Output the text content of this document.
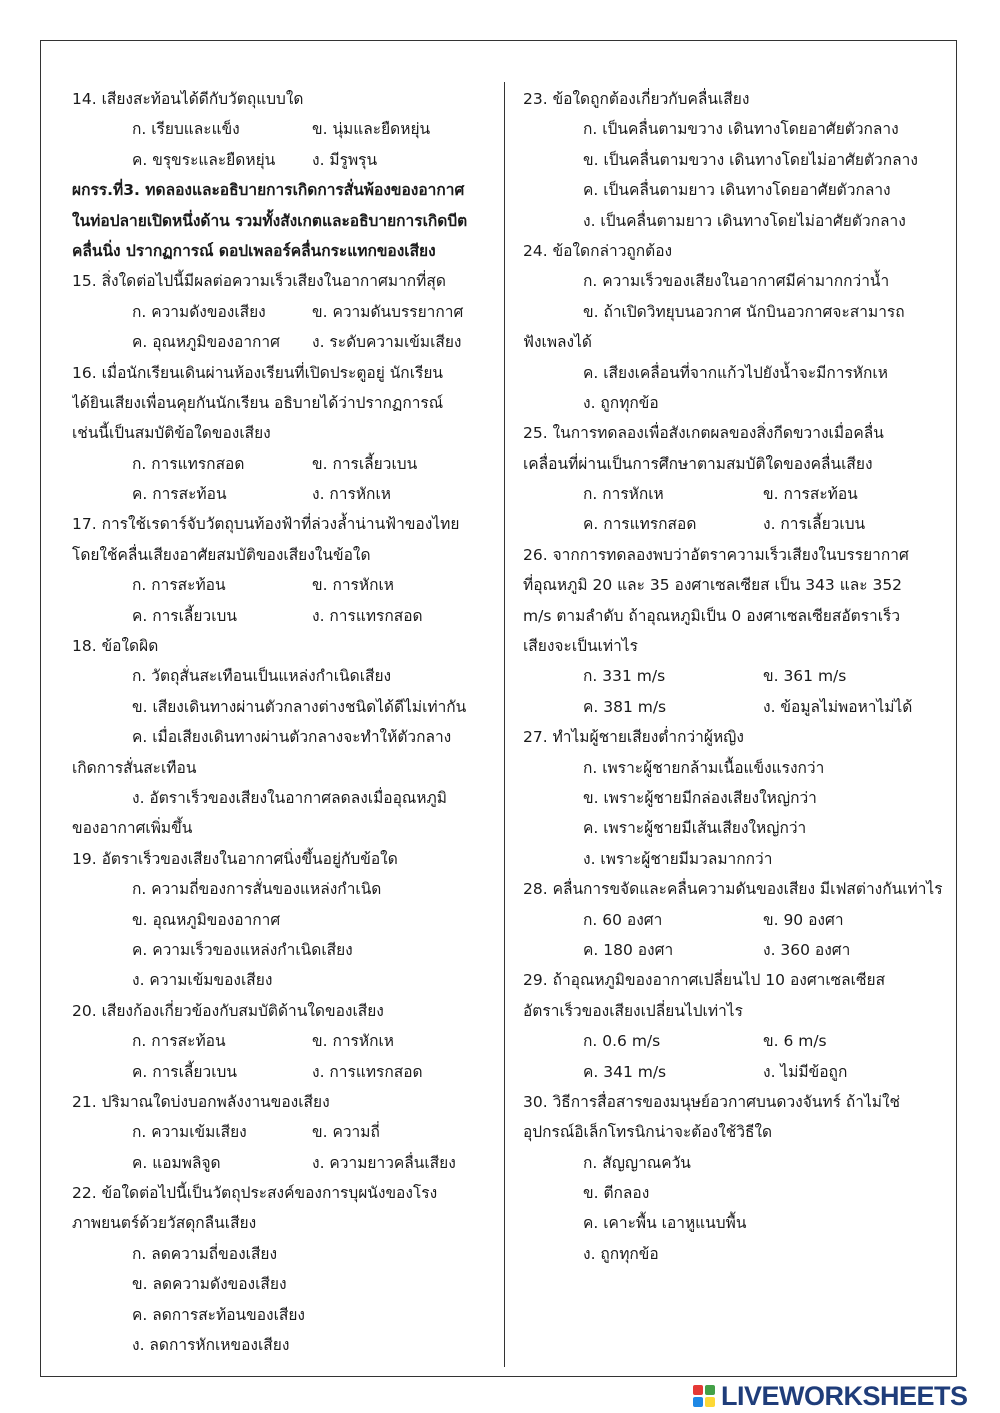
14. เสียงสะท้อนได้ดีกับวัตถุแบบใด
ก. เรียบและแข็ง	ข. นุ่มและยืดหยุ่น
ค. ขรุขระและยืดหยุ่น	ง. มีรูพรุน
ผกรร.ที่3. ทดลองและอธิบายการเกิดการสั่นพ้องของอากาศ
ในท่อปลายเปิดหนึ่งด้าน รวมทั้งสังเกตและอธิบายการเกิดบีต
คลื่นนิ่ง ปรากฏการณ์ ดอปเพลอร์คลื่นกระแทกของเสียง
15. สิ่งใดต่อไปนี้มีผลต่อความเร็วเสียงในอากาศมากที่สุด
ก. ความดังของเสียง	ข. ความดันบรรยากาศ
ค. อุณหภูมิของอากาศ	ง. ระดับความเข้มเสียง
16. เมื่อนักเรียนเดินผ่านห้องเรียนที่เปิดประตูอยู่ นักเรียน
ได้ยินเสียงเพื่อนคุยกันนักเรียน อธิบายได้ว่าปรากฏการณ์
เช่นนี้เป็นสมบัติข้อใดของเสียง
ก. การแทรกสอด	ข. การเลี้ยวเบน
ค. การสะท้อน	ง. การหักเห
17. การใช้เรดาร์จับวัตถุบนท้องฟ้าที่ล่วงล้ำน่านฟ้าของไทย
โดยใช้คลื่นเสียงอาศัยสมบัติของเสียงในข้อใด
ก. การสะท้อน	ข. การหักเห
ค. การเลี้ยวเบน	ง. การแทรกสอด
18. ข้อใดผิด
ก. วัตถุสั่นสะเทือนเป็นแหล่งกำเนิดเสียง
ข. เสียงเดินทางผ่านตัวกลางต่างชนิดได้ดีไม่เท่ากัน
ค. เมื่อเสียงเดินทางผ่านตัวกลางจะทำให้ตัวกลาง
เกิดการสั่นสะเทือน
ง. อัตราเร็วของเสียงในอากาศลดลงเมื่ออุณหภูมิ
ของอากาศเพิ่มขึ้น
19. อัตราเร็วของเสียงในอากาศนิ่งขึ้นอยู่กับข้อใด
ก. ความถี่ของการสั่นของแหล่งกำเนิด
ข. อุณหภูมิของอากาศ
ค. ความเร็วของแหล่งกำเนิดเสียง
ง. ความเข้มของเสียง
20. เสียงก้องเกี่ยวข้องกับสมบัติด้านใดของเสียง
ก. การสะท้อน	ข. การหักเห
ค. การเลี้ยวเบน	ง. การแทรกสอด
21. ปริมาณใดบ่งบอกพลังงานของเสียง
ก. ความเข้มเสียง	ข. ความถี่
ค. แอมพลิจูด	ง. ความยาวคลื่นเสียง
22. ข้อใดต่อไปนี้เป็นวัตถุประสงค์ของการบุผนังของโรง
ภาพยนตร์ด้วยวัสดุกลืนเสียง
ก. ลดความถี่ของเสียง
ข. ลดความดังของเสียง
ค. ลดการสะท้อนของเสียง
ง. ลดการหักเหของเสียง
23. ข้อใดถูกต้องเกี่ยวกับคลื่นเสียง
ก. เป็นคลื่นตามขวาง เดินทางโดยอาศัยตัวกลาง
ข. เป็นคลื่นตามขวาง เดินทางโดยไม่อาศัยตัวกลาง
ค. เป็นคลื่นตามยาว เดินทางโดยอาศัยตัวกลาง
ง. เป็นคลื่นตามยาว เดินทางโดยไม่อาศัยตัวกลาง
24. ข้อใดกล่าวถูกต้อง
ก. ความเร็วของเสียงในอากาศมีค่ามากกว่าน้ำ
ข. ถ้าเปิดวิทยุบนอวกาศ นักบินอวกาศจะสามารถ
ฟังเพลงได้
ค. เสียงเคลื่อนที่จากแก้วไปยังน้ำจะมีการหักเห
ง. ถูกทุกข้อ
25. ในการทดลองเพื่อสังเกตผลของสิ่งกีดขวางเมื่อคลื่น
เคลื่อนที่ผ่านเป็นการศึกษาตามสมบัติใดของคลื่นเสียง
ก. การหักเห	ข. การสะท้อน
ค. การแทรกสอด	ง. การเลี้ยวเบน
26. จากการทดลองพบว่าอัตราความเร็วเสียงในบรรยากาศ
ที่อุณหภูมิ 20 และ 35 องศาเซลเซียส เป็น 343 และ 352
m/s ตามลำดับ ถ้าอุณหภูมิเป็น 0 องศาเซลเซียสอัตราเร็ว
เสียงจะเป็นเท่าไร
ก. 331 m/s	ข. 361 m/s
ค. 381 m/s	ง. ข้อมูลไม่พอหาไม่ได้
27. ทำไมผู้ชายเสียงต่ำกว่าผู้หญิง
ก. เพราะผู้ชายกล้ามเนื้อแข็งแรงกว่า
ข. เพราะผู้ชายมีกล่องเสียงใหญ่กว่า
ค. เพราะผู้ชายมีเส้นเสียงใหญ่กว่า
ง. เพราะผู้ชายมีมวลมากกว่า
28. คลื่นการขจัดและคลื่นความดันของเสียง มีเฟสต่างกันเท่าไร
ก. 60 องศา	ข. 90 องศา
ค. 180 องศา	ง. 360 องศา
29. ถ้าอุณหภูมิของอากาศเปลี่ยนไป 10 องศาเซลเซียส
อัตราเร็วของเสียงเปลี่ยนไปเท่าไร
ก. 0.6 m/s	ข. 6 m/s
ค. 341 m/s	ง. ไม่มีข้อถูก
30. วิธีการสื่อสารของมนุษย์อวกาศบนดวงจันทร์ ถ้าไม่ใช่
อุปกรณ์อิเล็กโทรนิกน่าจะต้องใช้วิธีใด
ก. สัญญาณควัน
ข. ตีกลอง
ค. เคาะพื้น เอาหูแนบพื้น
ง. ถูกทุกข้อ
LIVEWORKSHEETS
